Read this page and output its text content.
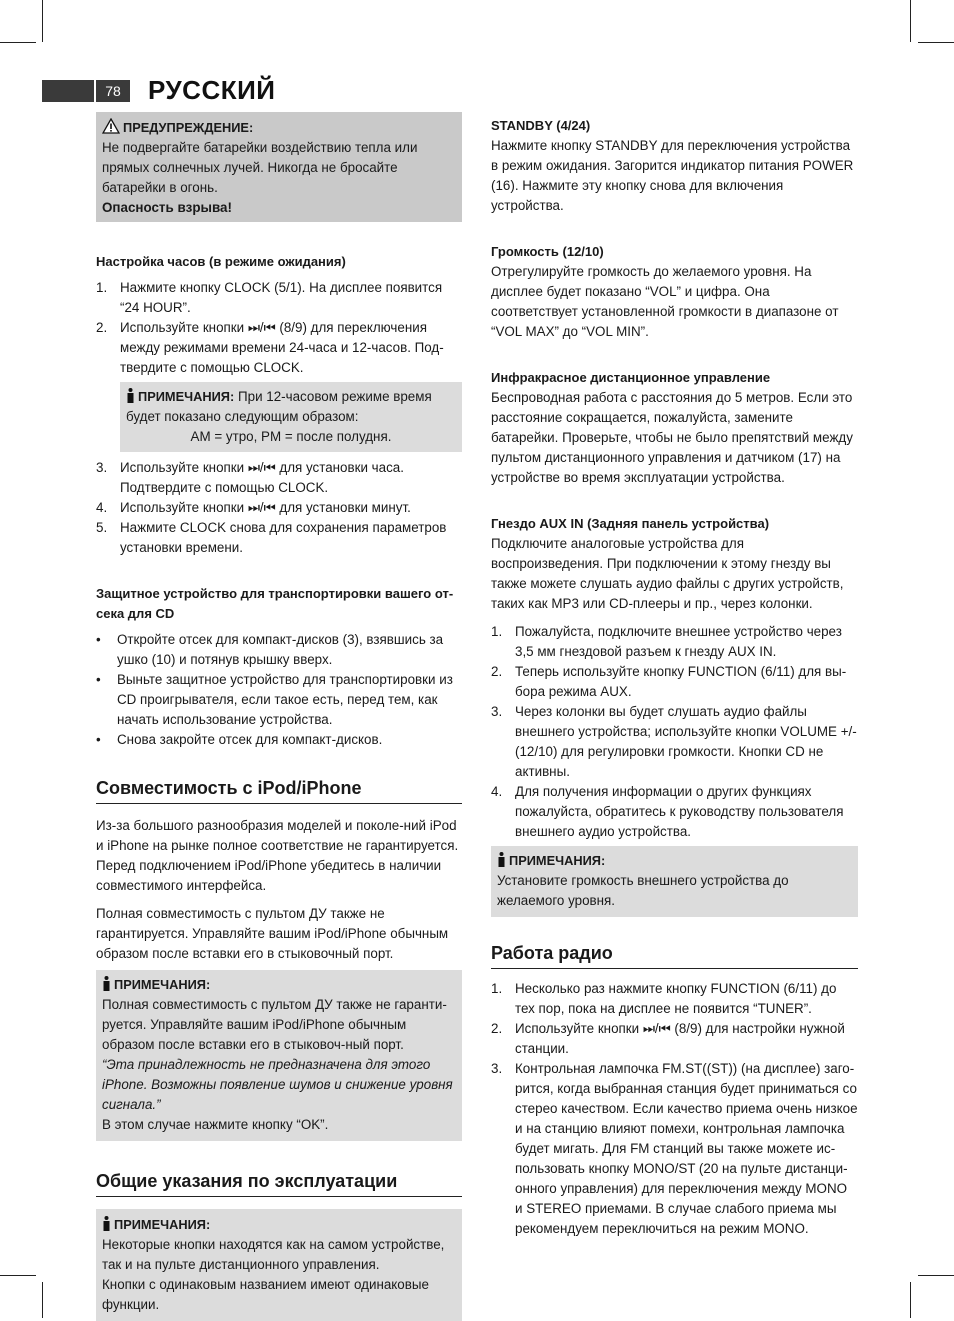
78	РУССКИЙ
ПРЕДУПРЕЖДЕНИЕ:

Не подвергайте батарейки воздействию тепла или прямых солнечных лучей. Никогда не бросайте батарейки в огонь.

Опасность взрыва!

Настройка часов (в режиме ожидания)
1. Нажмите кнопку CLOCK (5/1). На дисплее появится “24 HOUR”.
2. Используйте кнопки ⏭/⏮ (8/9) для переключения между режимами времени 24-часа и 12-часов. Подтвердите с помощью CLOCK.
ПРИМЕЧАНИЯ: При 12-часовом режиме время будет показано следующим образом:
AM = утро, PM = после полудня.
3. Используйте кнопки ⏭/⏮ для установки часа. Подтвердите с помощью CLOCK.
4. Используйте кнопки ⏭/⏮ для установки минут.
5. Нажмите CLOCK снова для сохранения параметров установки времени.
Защитное устройство для транспортировки вашего отсека для CD
•	Откройте отсек для компакт-дисков (3), взявшись за ушко (10) и потянув крышку вверх.
•	Выньте защитное устройство для транспортировки из CD проигрывателя, если такое есть, перед тем, как начать использование устройства.
•	Снова закройте отсек для компакт-дисков.
Совместимость с iPod/iPhone

Из-за большого разнообразия моделей и поколе-ний iPod и iPhone на рынке полное соответствие не гарантируется. Перед подключением iPod/iPhone убедитесь в наличии совместимого интерфейса.

Полная совместимость с пультом ДУ также не гарантируется. Управляйте вашим iPod/iPhone обычным образом после вставки его в стыковочный порт.

ПРИМЕЧАНИЯ:

Полная совместимость с пультом ДУ также не гарантируется. Управляйте вашим iPod/iPhone обычным образом после вставки его в стыковоч-ный порт.

“Эта принадлежность не предназначена для этого iPhone. Возможны появление шумов и снижение уровня сигнала.”

В этом случае нажмите кнопку “OK”.

Общие указания по эксплуатации
ПРИМЕЧАНИЯ:

Некоторые кнопки находятся как на самом устройстве, так и на пульте дистанционного управления.

Кнопки с одинаковым названием имеют одинаковые функции.

STANDBY (4/24)

Нажмите кнопку STANDBY для переключения устройства в режим ожидания. Загорится индикатор питания POWER (16). Нажмите эту кнопку снова для включения устройства.

Громкость (12/10)

Отрегулируйте громкость до желаемого уровня. На дисплее будет показано “VOL” и цифра. Она соответствует установленной громкости в диапазоне от “VOL MAX” до “VOL MIN”.

Инфракрасное дистанционное управление

Беспроводная работа с расстояния до 5 метров. Если это расстояние сокращается, пожалуйста, замените батарейки. Проверьте, чтобы не было препятствий между пультом дистанционного управления и датчиком (17) на устройстве во время эксплуатации устройства.

Гнездо AUX IN (Задняя панель устройства)

Подключите аналоговые устройства для воспроизведения. При подключении к этому гнезду вы также можете слушать аудио файлы с других устройств, таких как MP3 или CD-плееры и пр., через колонки.

1. Пожалуйста, подключите внешнее устройство через 3,5 мм гнездовой разъем к гнезду AUX IN.
2. Теперь используйте кнопку FUNCTION (6/11) для выбора режима AUX.
3. Через колонки вы будет слушать аудио файлы внешнего устройства; используйте кнопки VOLUME +/- (12/10) для регулировки громкости. Кнопки CD не активны.
4. Для получения информации о других функциях пожалуйста, обратитесь к руководству пользователя внешнего аудио устройства.
ПРИМЕЧАНИЯ:

Установите громкость внешнего устройства до желаемого уровня.

Работа радио
1. Несколько раз нажмите кнопку FUNCTION (6/11) до тех пор, пока на дисплее не появится “TUNER”.
2. Используйте кнопки ⏭/⏮ (8/9) для настройки нужной станции.
3. Контрольная лампочка FM.ST((ST)) (на дисплее) загорится, когда выбранная станция будет приниматься со стерео качеством. Если качество приема очень низкое и на станцию влияют помехи, контрольная лампочка будет мигать. Для FM станций вы также можете использовать кнопку MONO/ST (20 на пульте дистанционного управления) для переключения между MONO и STEREO приемами. В случае слабого приема мы рекомендуем переключиться на режим MONO.
